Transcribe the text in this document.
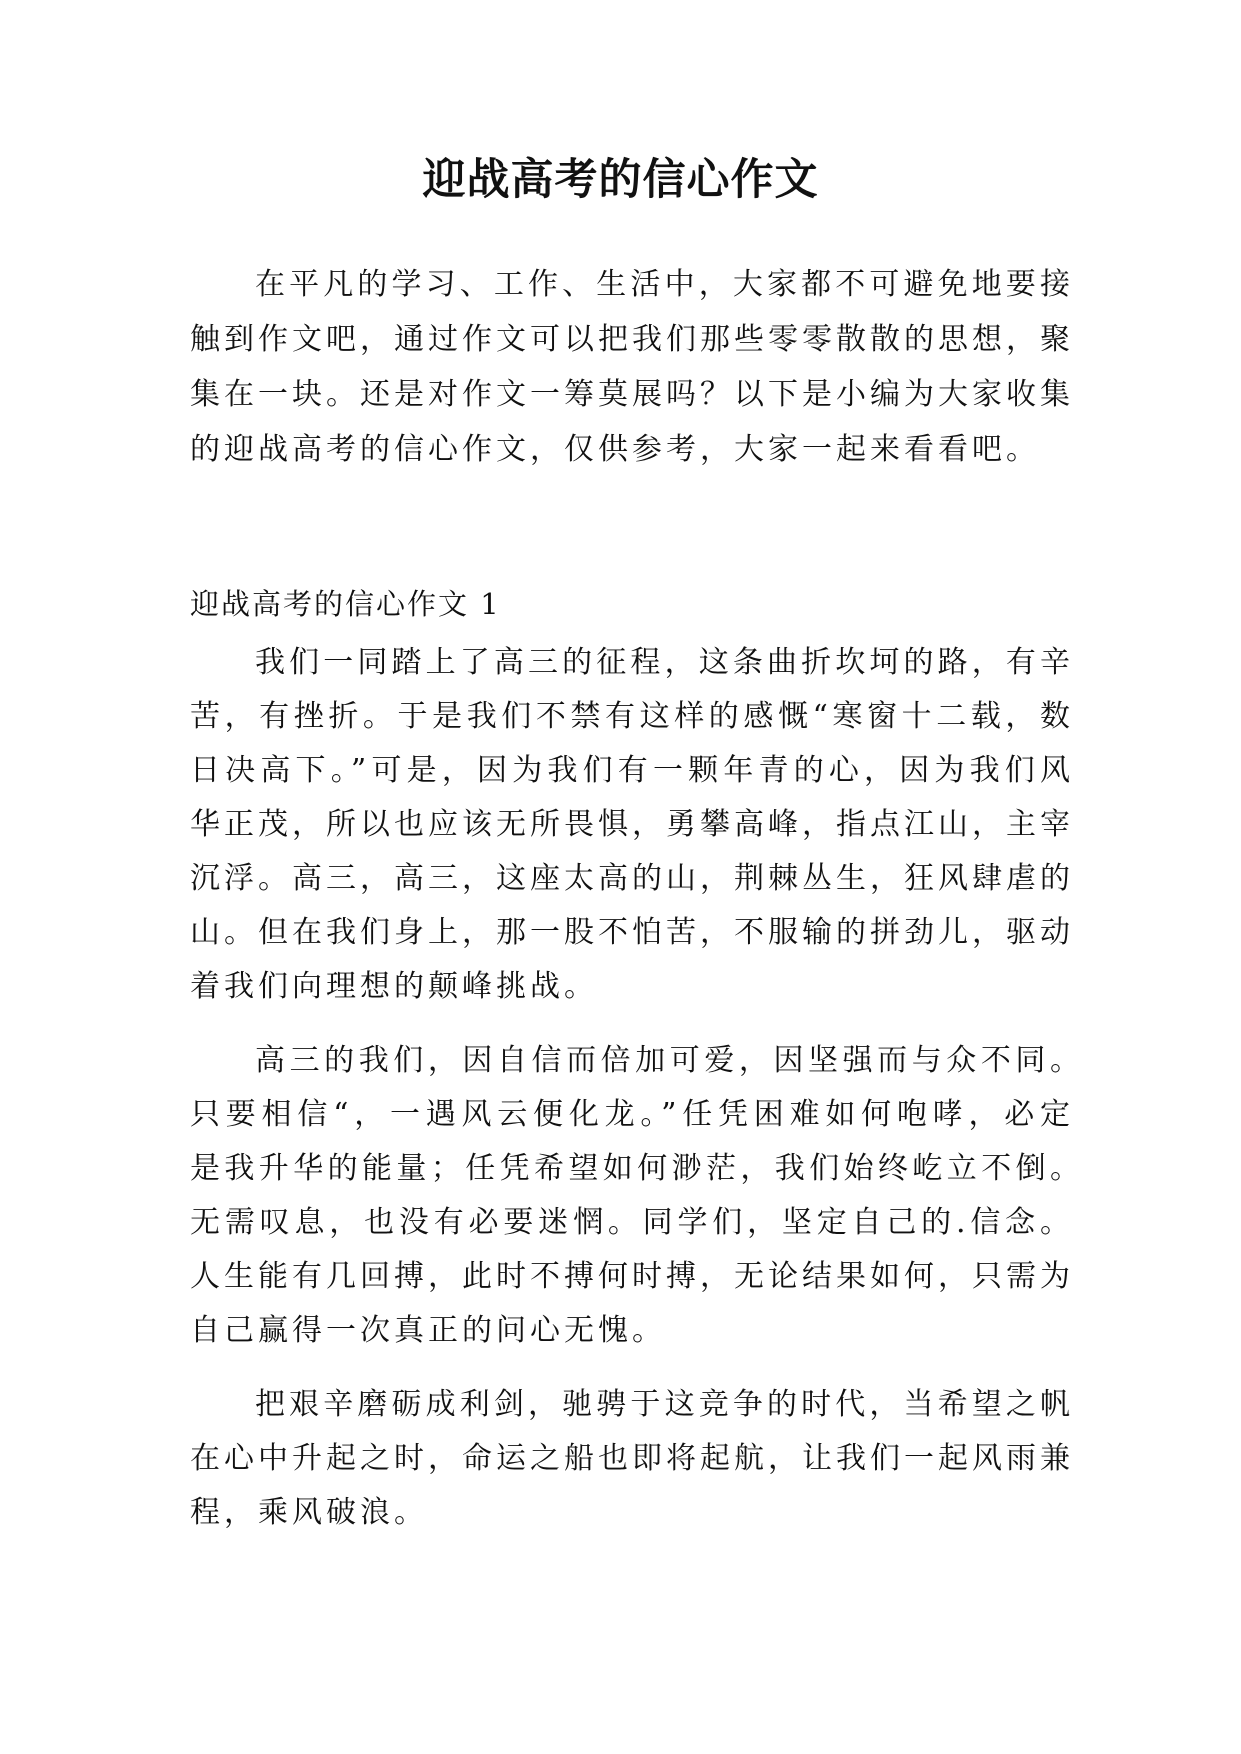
迎战高考的信心作文
在平凡的学习、工作、生活中，大家都不可避免地要接
触到作文吧，通过作文可以把我们那些零零散散的思想，聚
集在一块。还是对作文一筹莫展吗？以下是小编为大家收集
的迎战高考的信心作文，仅供参考，大家一起来看看吧。
迎战高考的信心作文 1
我们一同踏上了高三的征程，这条曲折坎坷的路，有辛
苦，有挫折。于是我们不禁有这样的感慨“寒窗十二载，数
日决高下。”可是，因为我们有一颗年青的心，因为我们风
华正茂，所以也应该无所畏惧，勇攀高峰，指点江山，主宰
沉浮。高三，高三，这座太高的山，荆棘丛生，狂风肆虐的
山。但在我们身上，那一股不怕苦，不服输的拼劲儿，驱动
着我们向理想的颠峰挑战。
高三的我们，因自信而倍加可爱，因坚强而与众不同。
只要相信“，一遇风云便化龙。”任凭困难如何咆哮，必定
是我升华的能量；任凭希望如何渺茫，我们始终屹立不倒。
无需叹息，也没有必要迷惘。同学们，坚定自己的.信念。
人生能有几回搏，此时不搏何时搏，无论结果如何，只需为
自己赢得一次真正的问心无愧。
把艰辛磨砺成利剑，驰骋于这竞争的时代，当希望之帆
在心中升起之时，命运之船也即将起航，让我们一起风雨兼
程，乘风破浪。
